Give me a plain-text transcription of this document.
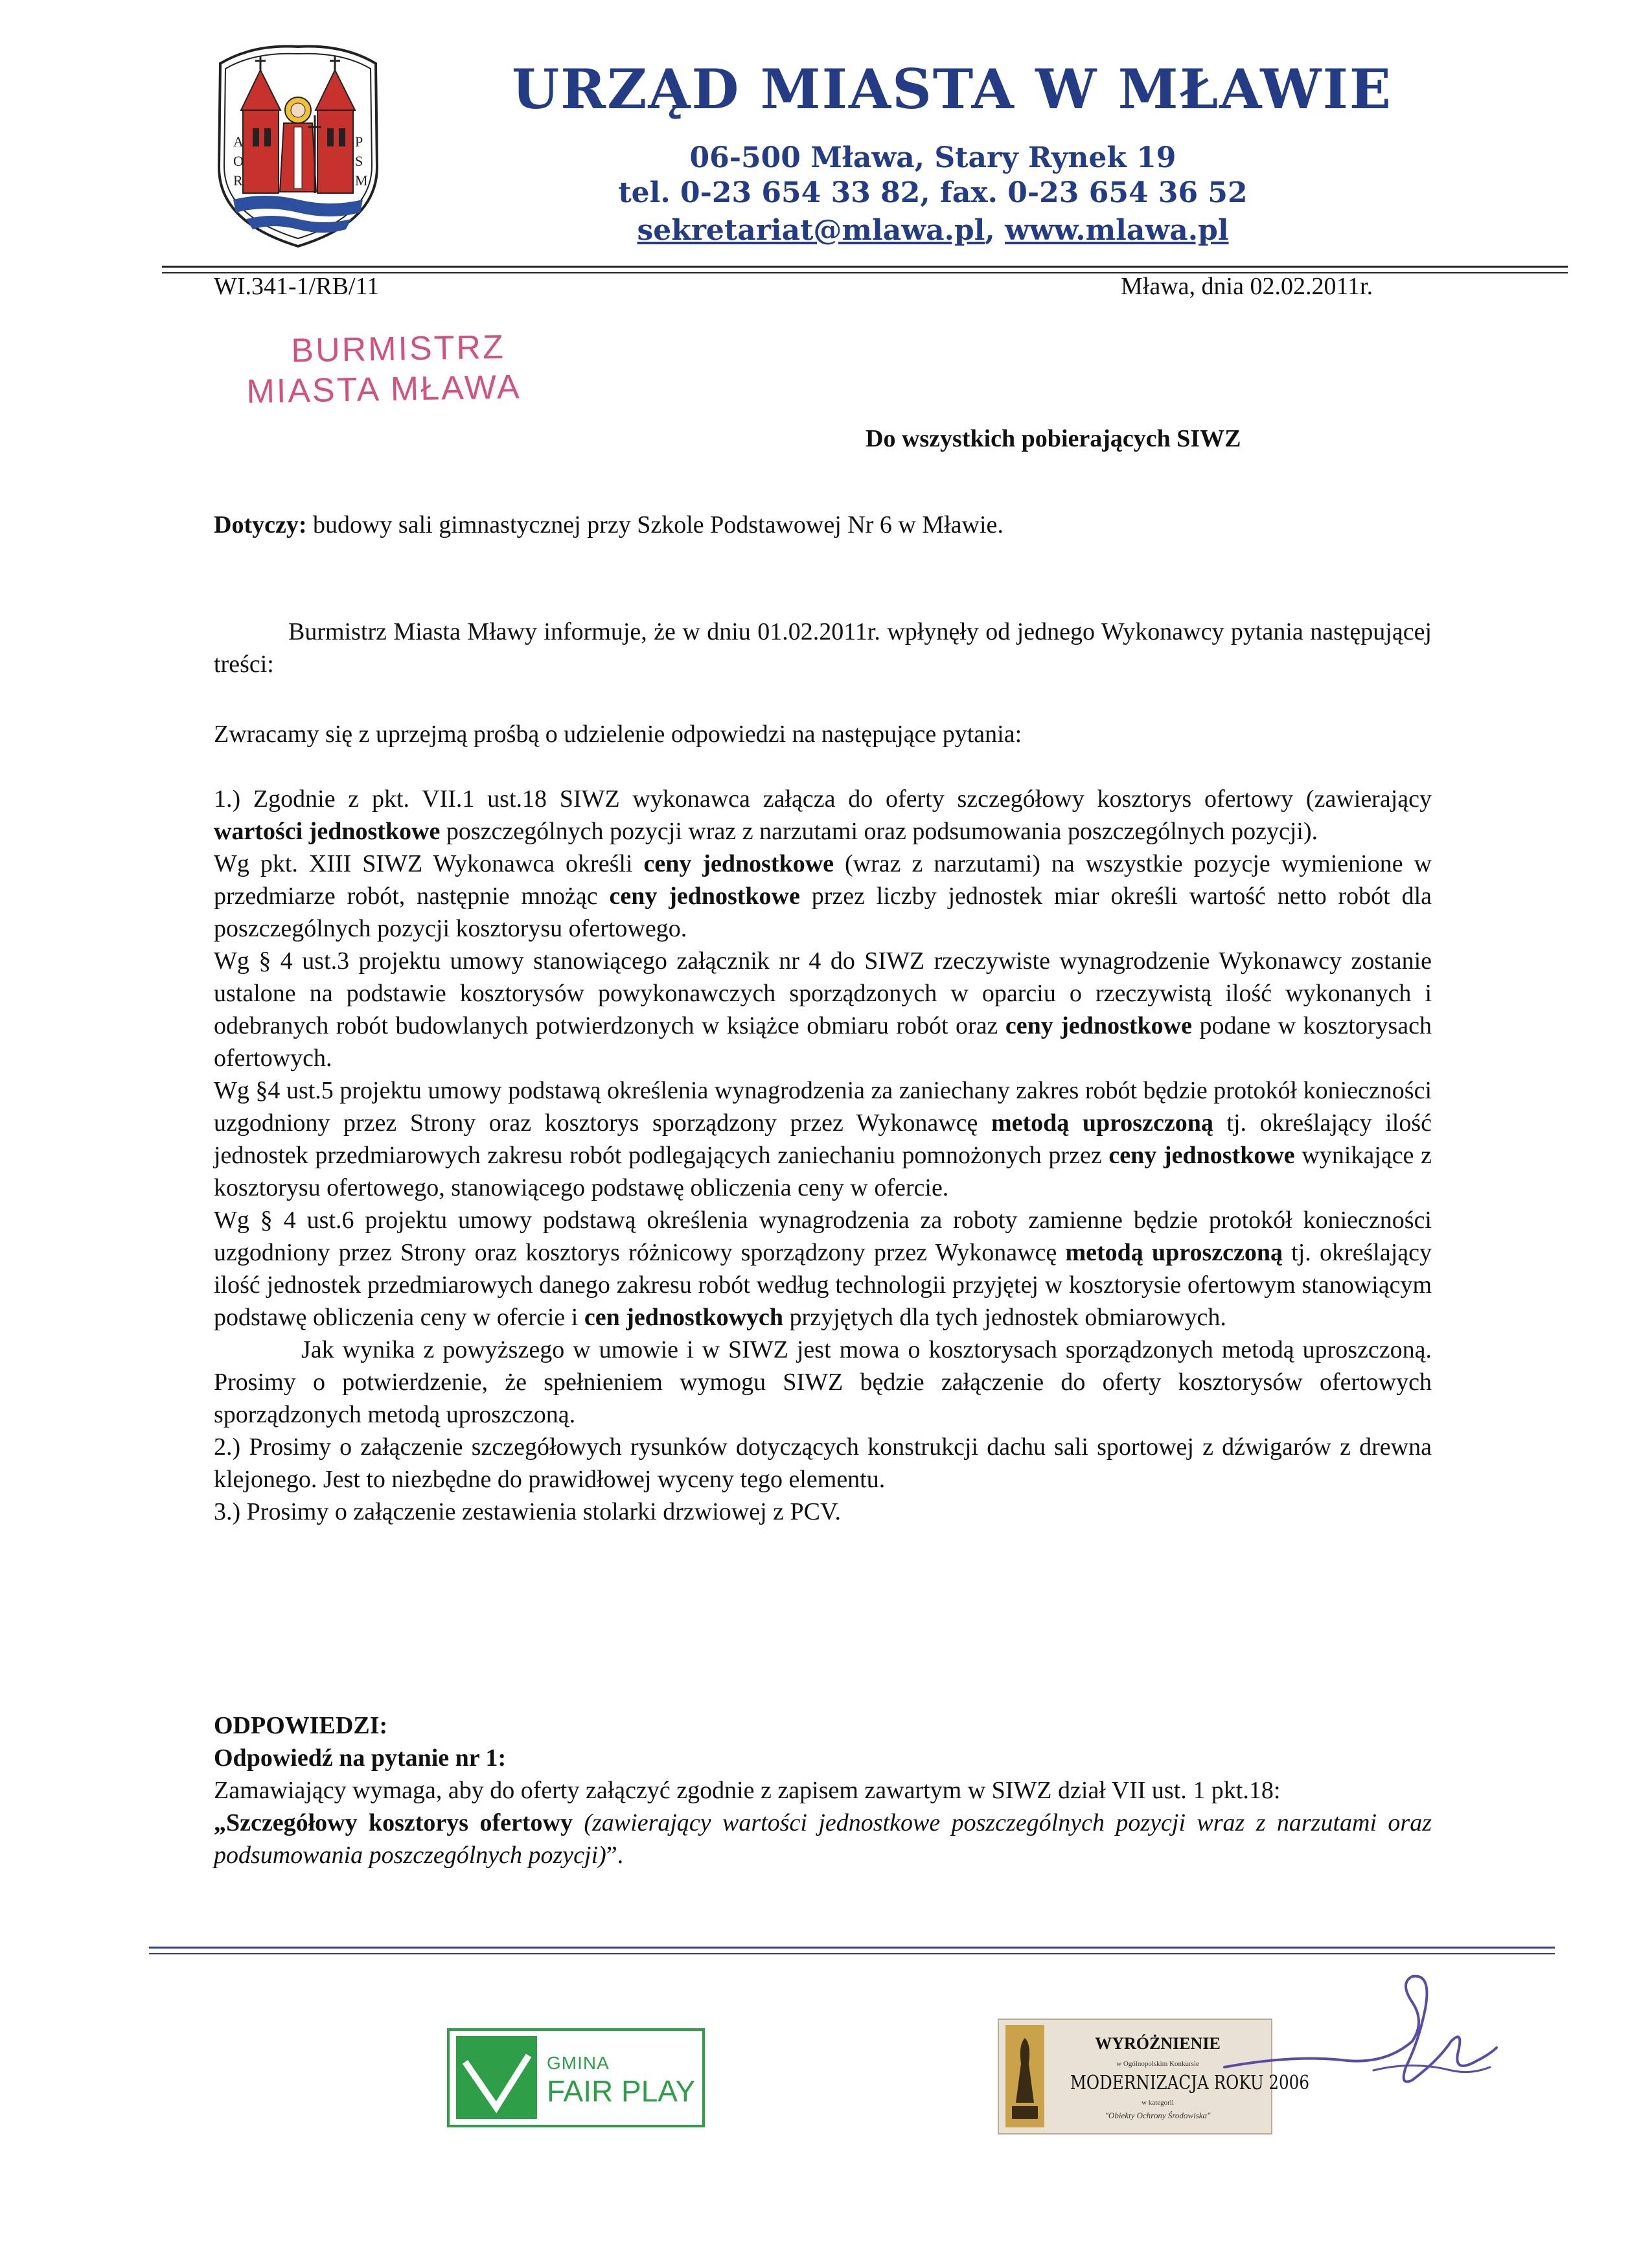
A
O
R
P
S
M
URZĄD MIASTA W MŁAWIE
06-500 Mława, Stary Rynek 19
tel. 0-23 654 33 82, fax. 0-23 654 36 52
sekretariat@mlawa.pl, www.mlawa.pl
WI.341-1/RB/11	Mława, dnia 02.02.2011r.
BURMISTRZ
MIASTA MŁAWA
Do wszystkich pobierających SIWZ
Dotyczy: budowy sali gimnastycznej przy Szkole Podstawowej Nr 6 w Mławie.

Burmistrz Miasta Mławy informuje, że w dniu 01.02.2011r. wpłynęły od jednego Wykonawcy pytania następującej treści:

Zwracamy się z uprzejmą prośbą o udzielenie odpowiedzi na następujące pytania:

1.) Zgodnie z pkt. VII.1 ust.18 SIWZ wykonawca załącza do oferty szczegółowy kosztorys ofertowy (zawierający wartości jednostkowe poszczególnych pozycji wraz z narzutami oraz podsumowania poszczególnych pozycji).

Wg pkt. XIII SIWZ Wykonawca określi ceny jednostkowe (wraz z narzutami) na wszystkie pozycje wymienione w przedmiarze robót, następnie mnożąc ceny jednostkowe przez liczby jednostek miar określi wartość netto robót dla poszczególnych pozycji kosztorysu ofertowego.

Wg § 4 ust.3 projektu umowy stanowiącego załącznik nr 4 do SIWZ rzeczywiste wynagrodzenie Wykonawcy zostanie ustalone na podstawie kosztorysów powykonawczych sporządzonych w oparciu o rzeczywistą ilość wykonanych i odebranych robót budowlanych potwierdzonych w książce obmiaru robót oraz ceny jednostkowe podane w kosztorysach ofertowych.

Wg §4 ust.5 projektu umowy podstawą określenia wynagrodzenia za zaniechany zakres robót będzie protokół konieczności uzgodniony przez Strony oraz kosztorys sporządzony przez Wykonawcę metodą uproszczoną tj. określający ilość jednostek przedmiarowych zakresu robót podlegających zaniechaniu pomnożonych przez ceny jednostkowe wynikające z kosztorysu ofertowego, stanowiącego podstawę obliczenia ceny w ofercie.

Wg § 4 ust.6 projektu umowy podstawą określenia wynagrodzenia za roboty zamienne będzie protokół konieczności uzgodniony przez Strony oraz kosztorys różnicowy sporządzony przez Wykonawcę metodą uproszczoną tj. określający ilość jednostek przedmiarowych danego zakresu robót według technologii przyjętej w kosztorysie ofertowym stanowiącym podstawę obliczenia ceny w ofercie i cen jednostkowych przyjętych dla tych jednostek obmiarowych.

Jak wynika z powyższego w umowie i w SIWZ jest mowa o kosztorysach sporządzonych metodą uproszczoną. Prosimy o potwierdzenie, że spełnieniem wymogu SIWZ będzie załączenie do oferty kosztorysów ofertowych sporządzonych metodą uproszczoną.

2.) Prosimy o załączenie szczegółowych rysunków dotyczących konstrukcji dachu sali sportowej z dźwigarów z drewna klejonego. Jest to niezbędne do prawidłowej wyceny tego elementu.

3.) Prosimy o załączenie zestawienia stolarki drzwiowej z PCV.

ODPOWIEDZI:

Odpowiedź na pytanie nr 1:

Zamawiający wymaga, aby do oferty załączyć zgodnie z zapisem zawartym w SIWZ dział VII ust. 1 pkt.18:

„Szczegółowy kosztorys ofertowy (zawierający wartości jednostkowe poszczególnych pozycji wraz z narzutami oraz podsumowania poszczególnych pozycji)”.

GMINA
FAIR PLAY
WYRÓŻNIENIE
w Ogólnopolskim Konkursie
MODERNIZACJA ROKU 2006
w kategorii
"Obiekty Ochrony Środowiska"
